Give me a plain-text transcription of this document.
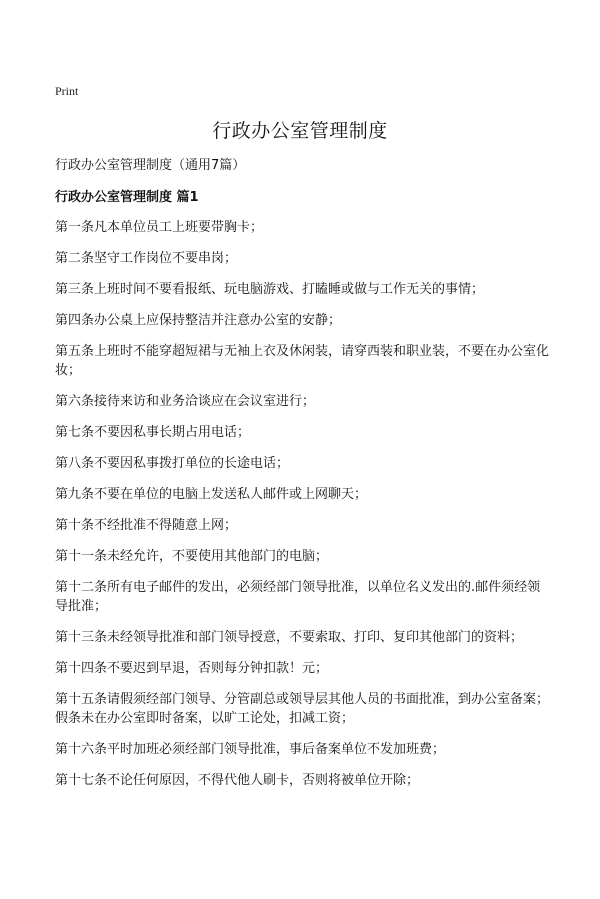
Print
行政办公室管理制度
行政办公室管理制度（通用7篇）
行政办公室管理制度 篇1
第一条凡本单位员工上班要带胸卡；
第二条坚守工作岗位不要串岗；
第三条上班时间不要看报纸、玩电脑游戏、打瞌睡或做与工作无关的事情；
第四条办公桌上应保持整洁并注意办公室的安静；
第五条上班时不能穿超短裙与无袖上衣及休闲装，请穿西装和职业装，不要在办公室化妆；
第六条接待来访和业务洽谈应在会议室进行；
第七条不要因私事长期占用电话；
第八条不要因私事拨打单位的长途电话；
第九条不要在单位的电脑上发送私人邮件或上网聊天；
第十条不经批准不得随意上网；
第十一条未经允许，不要使用其他部门的电脑；
第十二条所有电子邮件的发出，必须经部门领导批准，以单位名义发出的.邮件须经领导批准；
第十三条未经领导批准和部门领导授意，不要索取、打印、复印其他部门的资料；
第十四条不要迟到早退，否则每分钟扣款！元；
第十五条请假须经部门领导、分管副总或领导层其他人员的书面批准，到办公室备案；假条未在办公室即时备案，以旷工论处，扣减工资；
第十六条平时加班必须经部门领导批准，事后备案单位不发加班费；
第十七条不论任何原因，不得代他人刷卡，否则将被单位开除；
